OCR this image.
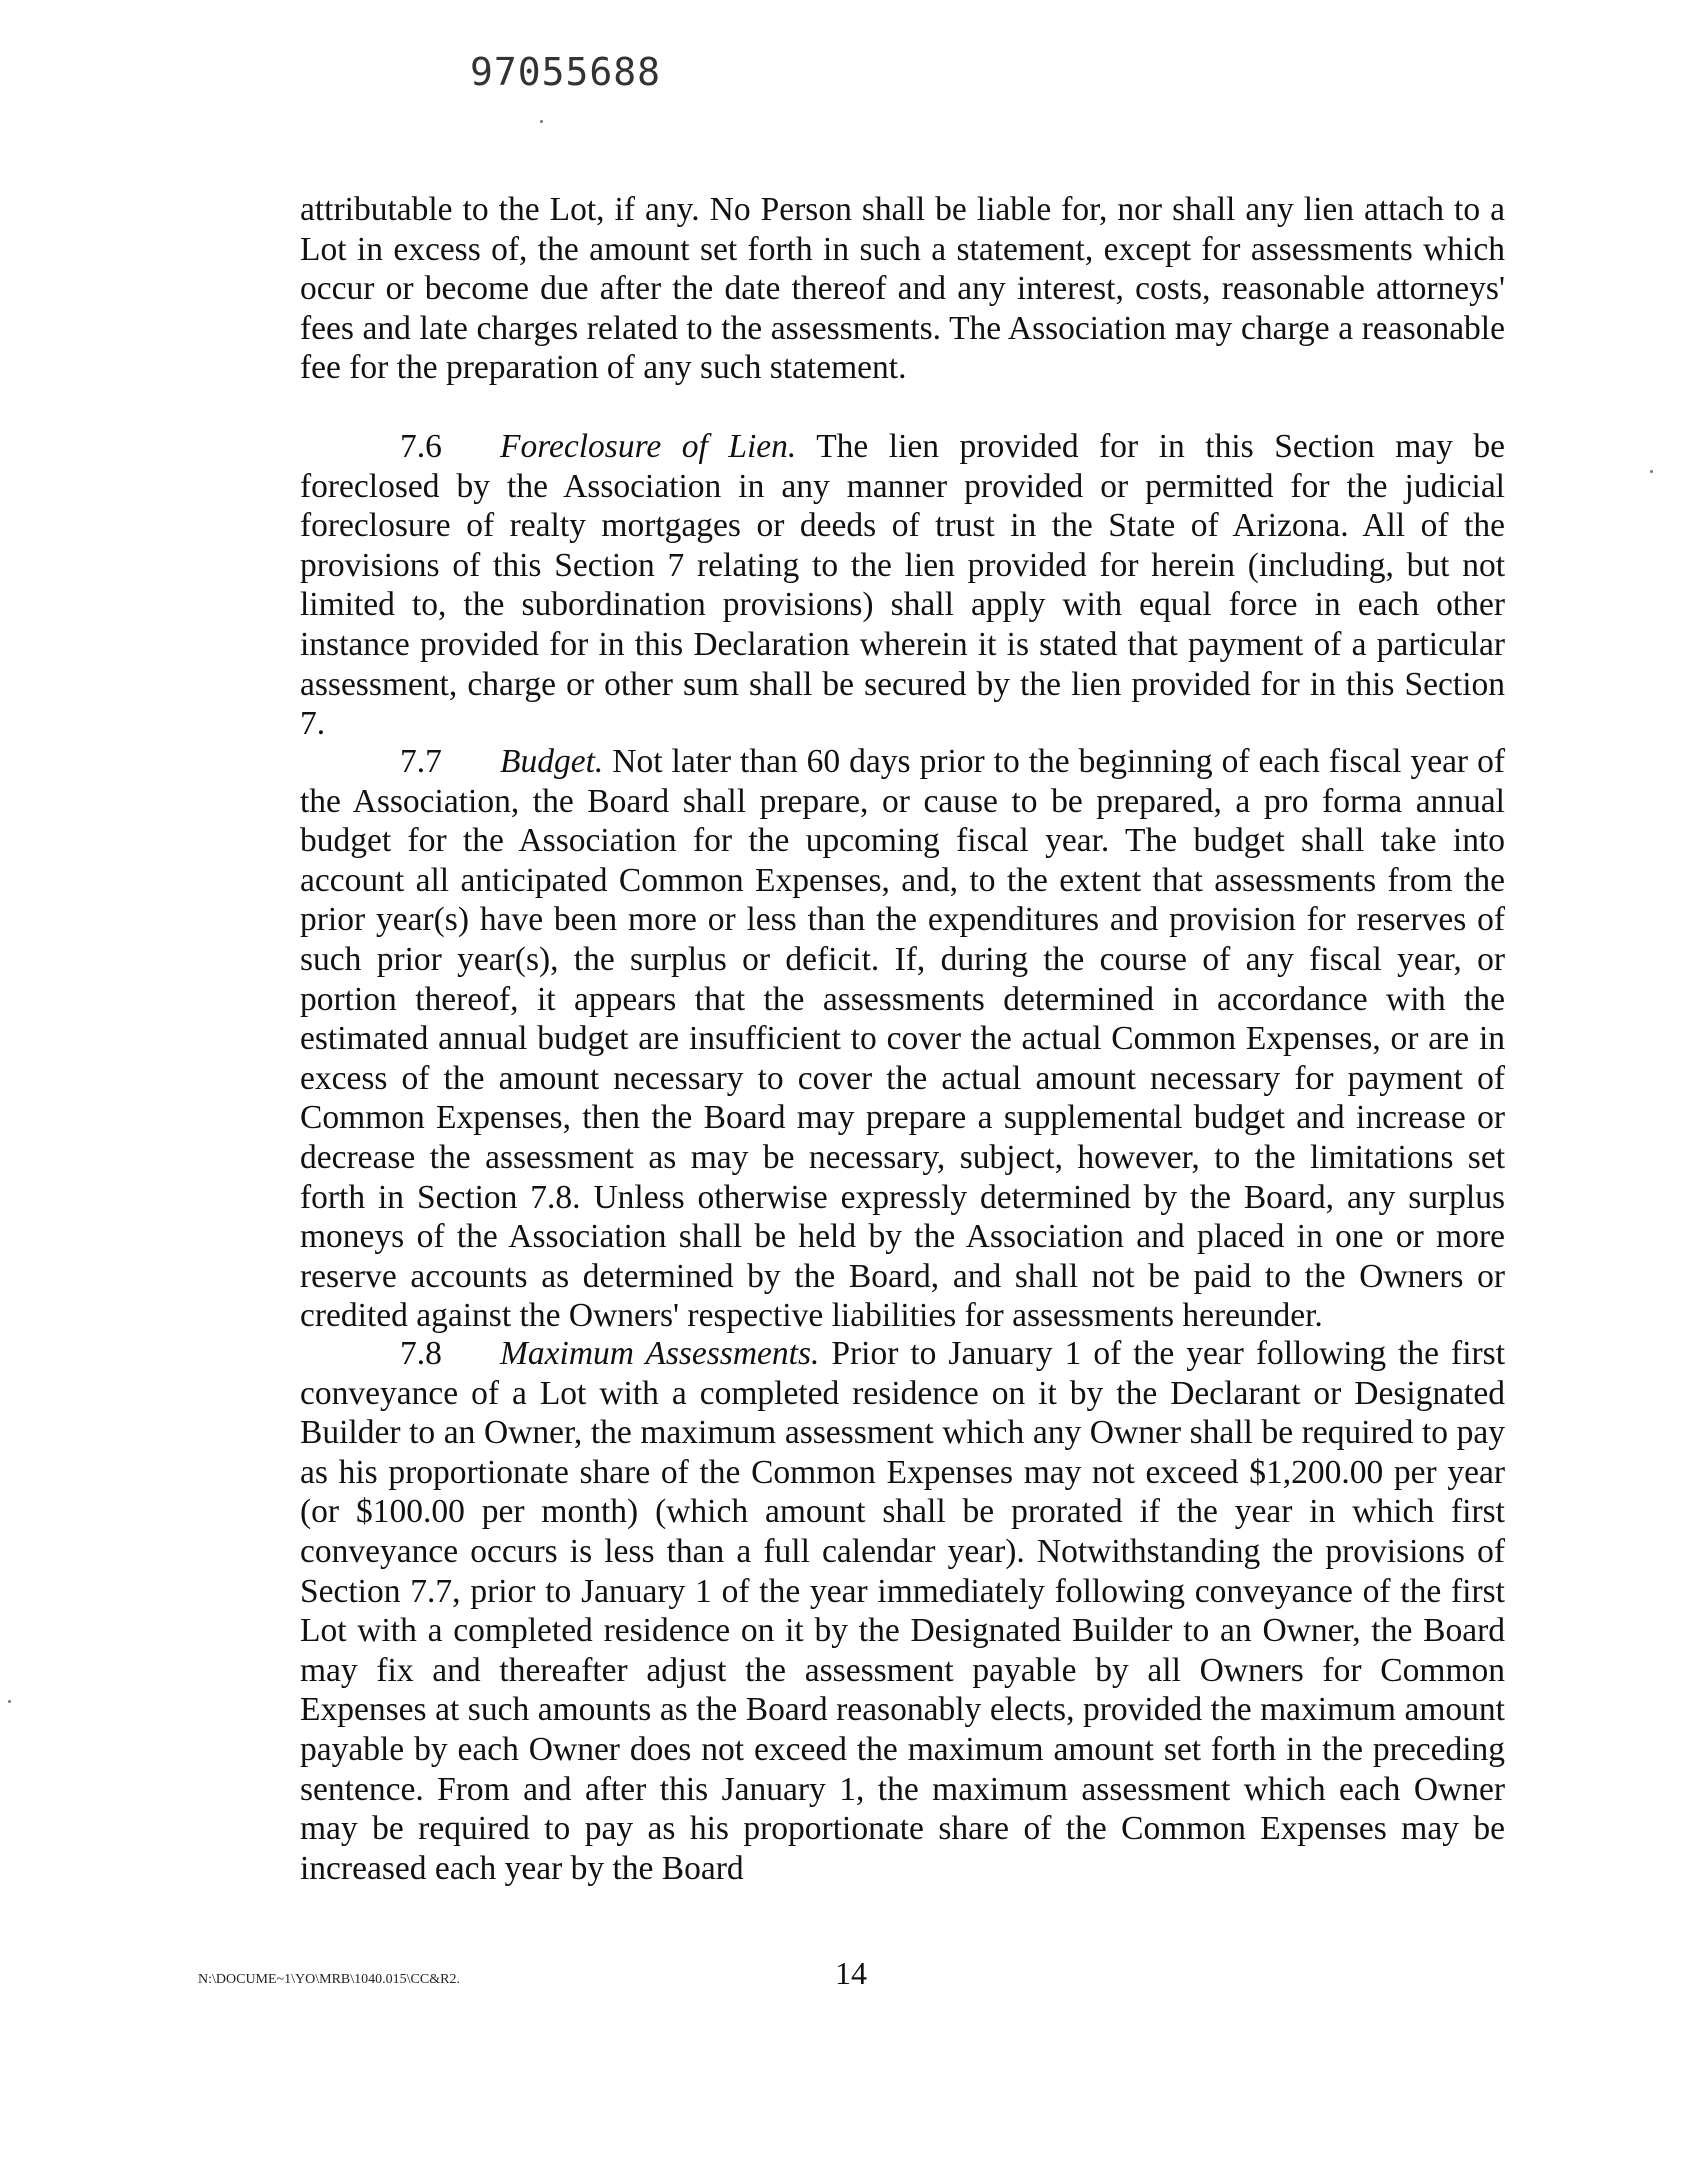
97055688

attributable to the Lot, if any. No Person shall be liable for, nor shall any lien attach to a Lot in excess of, the amount set forth in such a statement, except for assessments which occur or become due after the date thereof and any interest, costs, reasonable attorneys' fees and late charges related to the assessments. The Association may charge a reasonable fee for the preparation of any such statement.

7.6 Foreclosure of Lien. The lien provided for in this Section may be foreclosed by the Association in any manner provided or permitted for the judicial foreclosure of realty mortgages or deeds of trust in the State of Arizona. All of the provisions of this Section 7 relating to the lien provided for herein (including, but not limited to, the subordination provisions) shall apply with equal force in each other instance provided for in this Declaration wherein it is stated that payment of a particular assessment, charge or other sum shall be secured by the lien provided for in this Section 7.

7.7 Budget. Not later than 60 days prior to the beginning of each fiscal year of the Association, the Board shall prepare, or cause to be prepared, a pro forma annual budget for the Association for the upcoming fiscal year. The budget shall take into account all anticipated Common Expenses, and, to the extent that assessments from the prior year(s) have been more or less than the expenditures and provision for reserves of such prior year(s), the surplus or deficit. If, during the course of any fiscal year, or portion thereof, it appears that the assessments determined in accordance with the estimated annual budget are insufficient to cover the actual Common Expenses, or are in excess of the amount necessary to cover the actual amount necessary for payment of Common Expenses, then the Board may prepare a supplemental budget and increase or decrease the assessment as may be necessary, subject, however, to the limitations set forth in Section 7.8. Unless otherwise expressly determined by the Board, any surplus moneys of the Association shall be held by the Association and placed in one or more reserve accounts as determined by the Board, and shall not be paid to the Owners or credited against the Owners' respective liabilities for assessments hereunder.

7.8 Maximum Assessments. Prior to January 1 of the year following the first conveyance of a Lot with a completed residence on it by the Declarant or Designated Builder to an Owner, the maximum assessment which any Owner shall be required to pay as his proportionate share of the Common Expenses may not exceed $1,200.00 per year (or $100.00 per month) (which amount shall be prorated if the year in which first conveyance occurs is less than a full calendar year). Notwithstanding the provisions of Section 7.7, prior to January 1 of the year immediately following conveyance of the first Lot with a completed residence on it by the Designated Builder to an Owner, the Board may fix and thereafter adjust the assessment payable by all Owners for Common Expenses at such amounts as the Board reasonably elects, provided the maximum amount payable by each Owner does not exceed the maximum amount set forth in the preceding sentence. From and after this January 1, the maximum assessment which each Owner may be required to pay as his proportionate share of the Common Expenses may be increased each year by the Board

N:\DOCUME~1\YO\MRB\1040.015\CC&R2.	14
